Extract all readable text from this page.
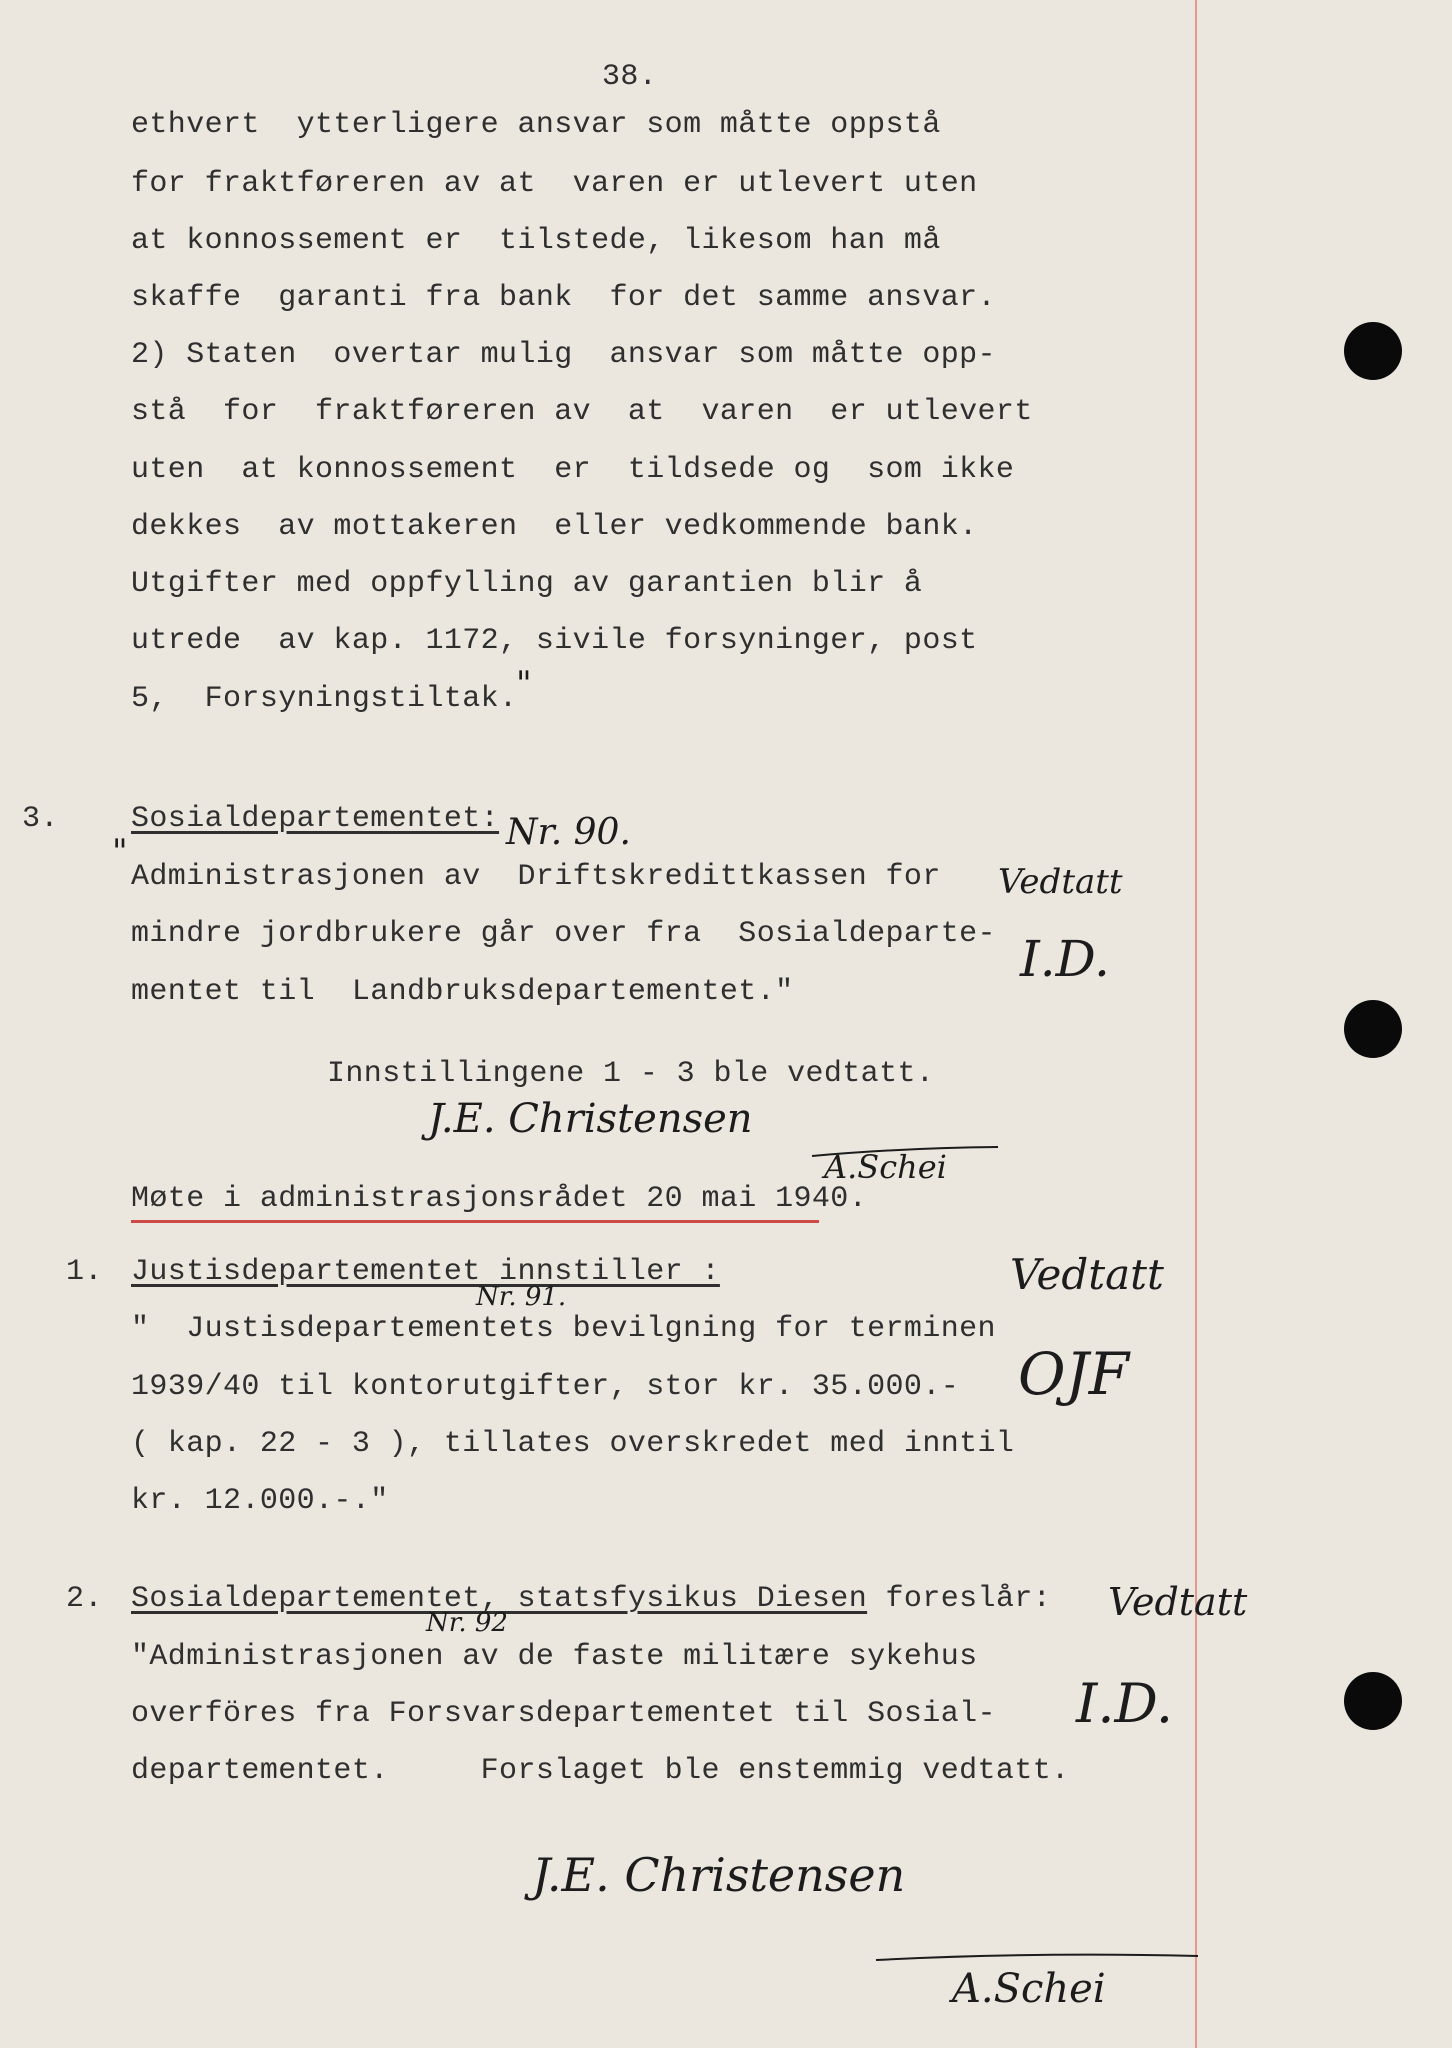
38.
ethvert  ytterligere ansvar som måtte oppstå
for fraktføreren av at  varen er utlevert uten
at konnossement er  tilstede, likesom han må
skaffe  garanti fra bank  for det samme ansvar.
2) Staten  overtar mulig  ansvar som måtte opp-
stå  for  fraktføreren av  at  varen  er utlevert
uten  at konnossement  er  tildsede og  som ikke
dekkes  av mottakeren  eller vedkommende bank.
Utgifter med oppfylling av garantien blir å
utrede  av kap. 1172, sivile forsyninger, post
5,  Forsyningstiltak.
"
3. Sosialdepartementet: Nr. 90.
"
Administrasjonen av  Driftskredittkassen for
mindre jordbrukere går over fra  Sosialdeparte-
mentet til  Landbruksdepartementet."
Vedtatt
I.D.
Innstillingene 1 - 3 ble vedtatt.
J.E. Christensen
Møte i administrasjonsrådet 20 mai 1940.
A.Schei
1. Justisdepartementet innstiller :
Nr. 91.
"  Justisdepartementets bevilgning for terminen
1939/40 til kontorutgifter, stor kr. 35.000.-
( kap. 22 - 3 ), tillates overskredet med inntil
kr. 12.000.-."
Vedtatt
OJF
2. Sosialdepartementet, statsfysikus Diesen foreslår:
Nr. 92
"Administrasjonen av de faste militære sykehus
overföres fra Forsvarsdepartementet til Sosial-
departementet.     Forslaget ble enstemmig vedtatt.
Vedtatt
I.D.
J.E. Christensen
A.Schei
